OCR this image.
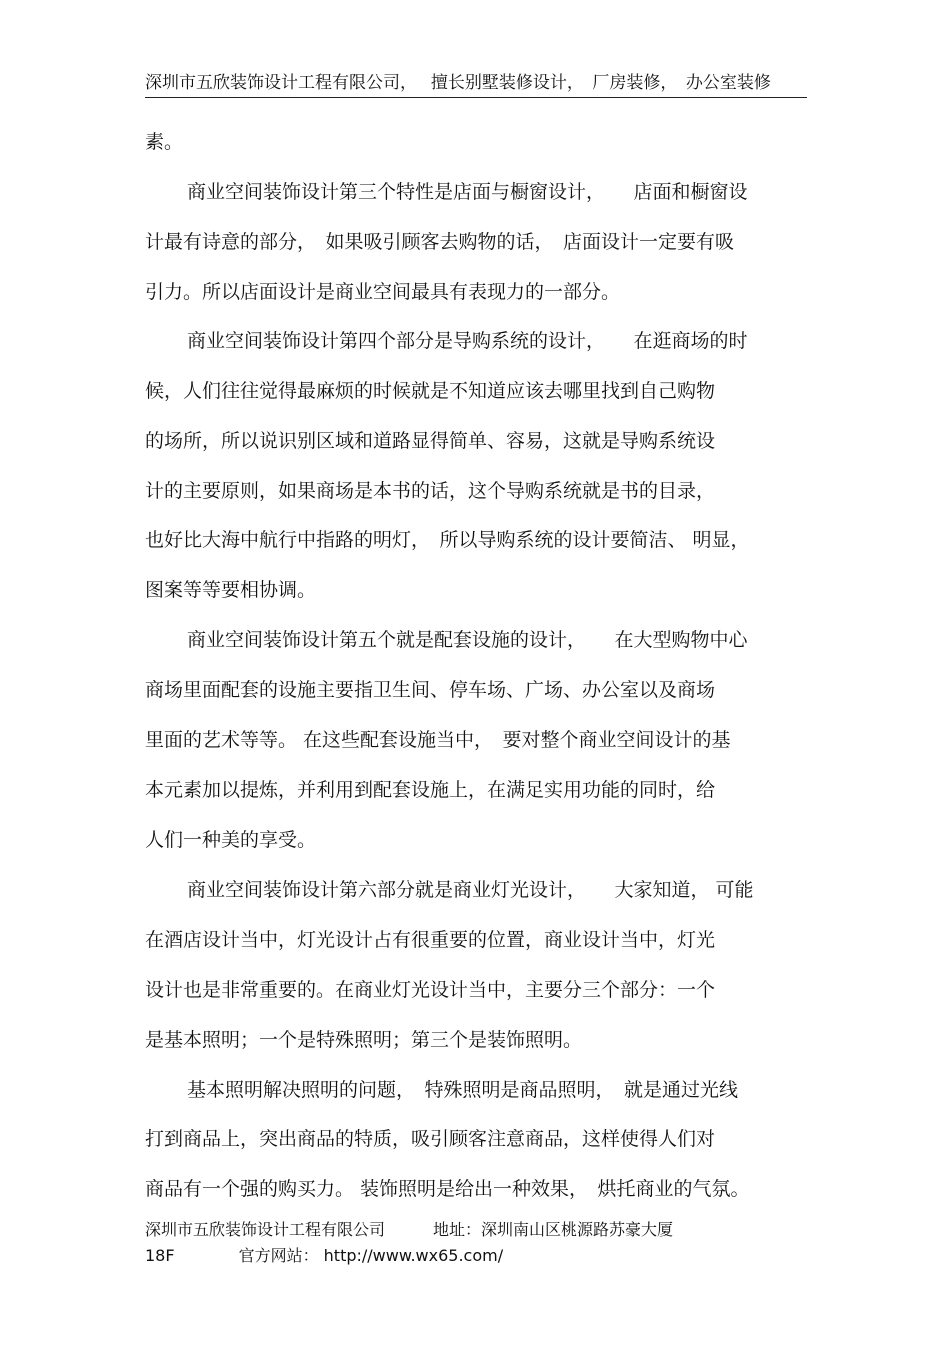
深圳市五欣装饰设计工程有限公司，　 擅长别墅装修设计，　厂房装修，　办公室装修
素。
商业空间装饰设计第三个特性是店面与橱窗设计，　　店面和橱窗设
计最有诗意的部分，　如果吸引顾客去购物的话，　店面设计一定要有吸
引力。所以店面设计是商业空间最具有表现力的一部分。
商业空间装饰设计第四个部分是导购系统的设计，　　在逛商场的时
候，人们往往觉得最麻烦的时候就是不知道应该去哪里找到自己购物
的场所，所以说识别区域和道路显得简单、容易，这就是导购系统设
计的主要原则，如果商场是本书的话，这个导购系统就是书的目录，
也好比大海中航行中指路的明灯，　所以导购系统的设计要简洁、 明显，
图案等等要相协调。
商业空间装饰设计第五个就是配套设施的设计，　　在大型购物中心
商场里面配套的设施主要指卫生间、停车场、广场、办公室以及商场
里面的艺术等等。 在这些配套设施当中，　要对整个商业空间设计的基
本元素加以提炼，并利用到配套设施上，在满足实用功能的同时，给
人们一种美的享受。
商业空间装饰设计第六部分就是商业灯光设计，　　大家知道， 可能
在酒店设计当中，灯光设计占有很重要的位置，商业设计当中，灯光
设计也是非常重要的。在商业灯光设计当中，主要分三个部分：一个
是基本照明；一个是特殊照明；第三个是装饰照明。
基本照明解决照明的问题，　特殊照明是商品照明，　就是通过光线
打到商品上，突出商品的特质，吸引顾客注意商品，这样使得人们对
商品有一个强的购买力。 装饰照明是给出一种效果，　烘托商业的气氛。
深圳市五欣装饰设计工程有限公司　　　地址：深圳南山区桃源路苏豪大厦
18F　　　　官方网站： http://www.wx65.com/
